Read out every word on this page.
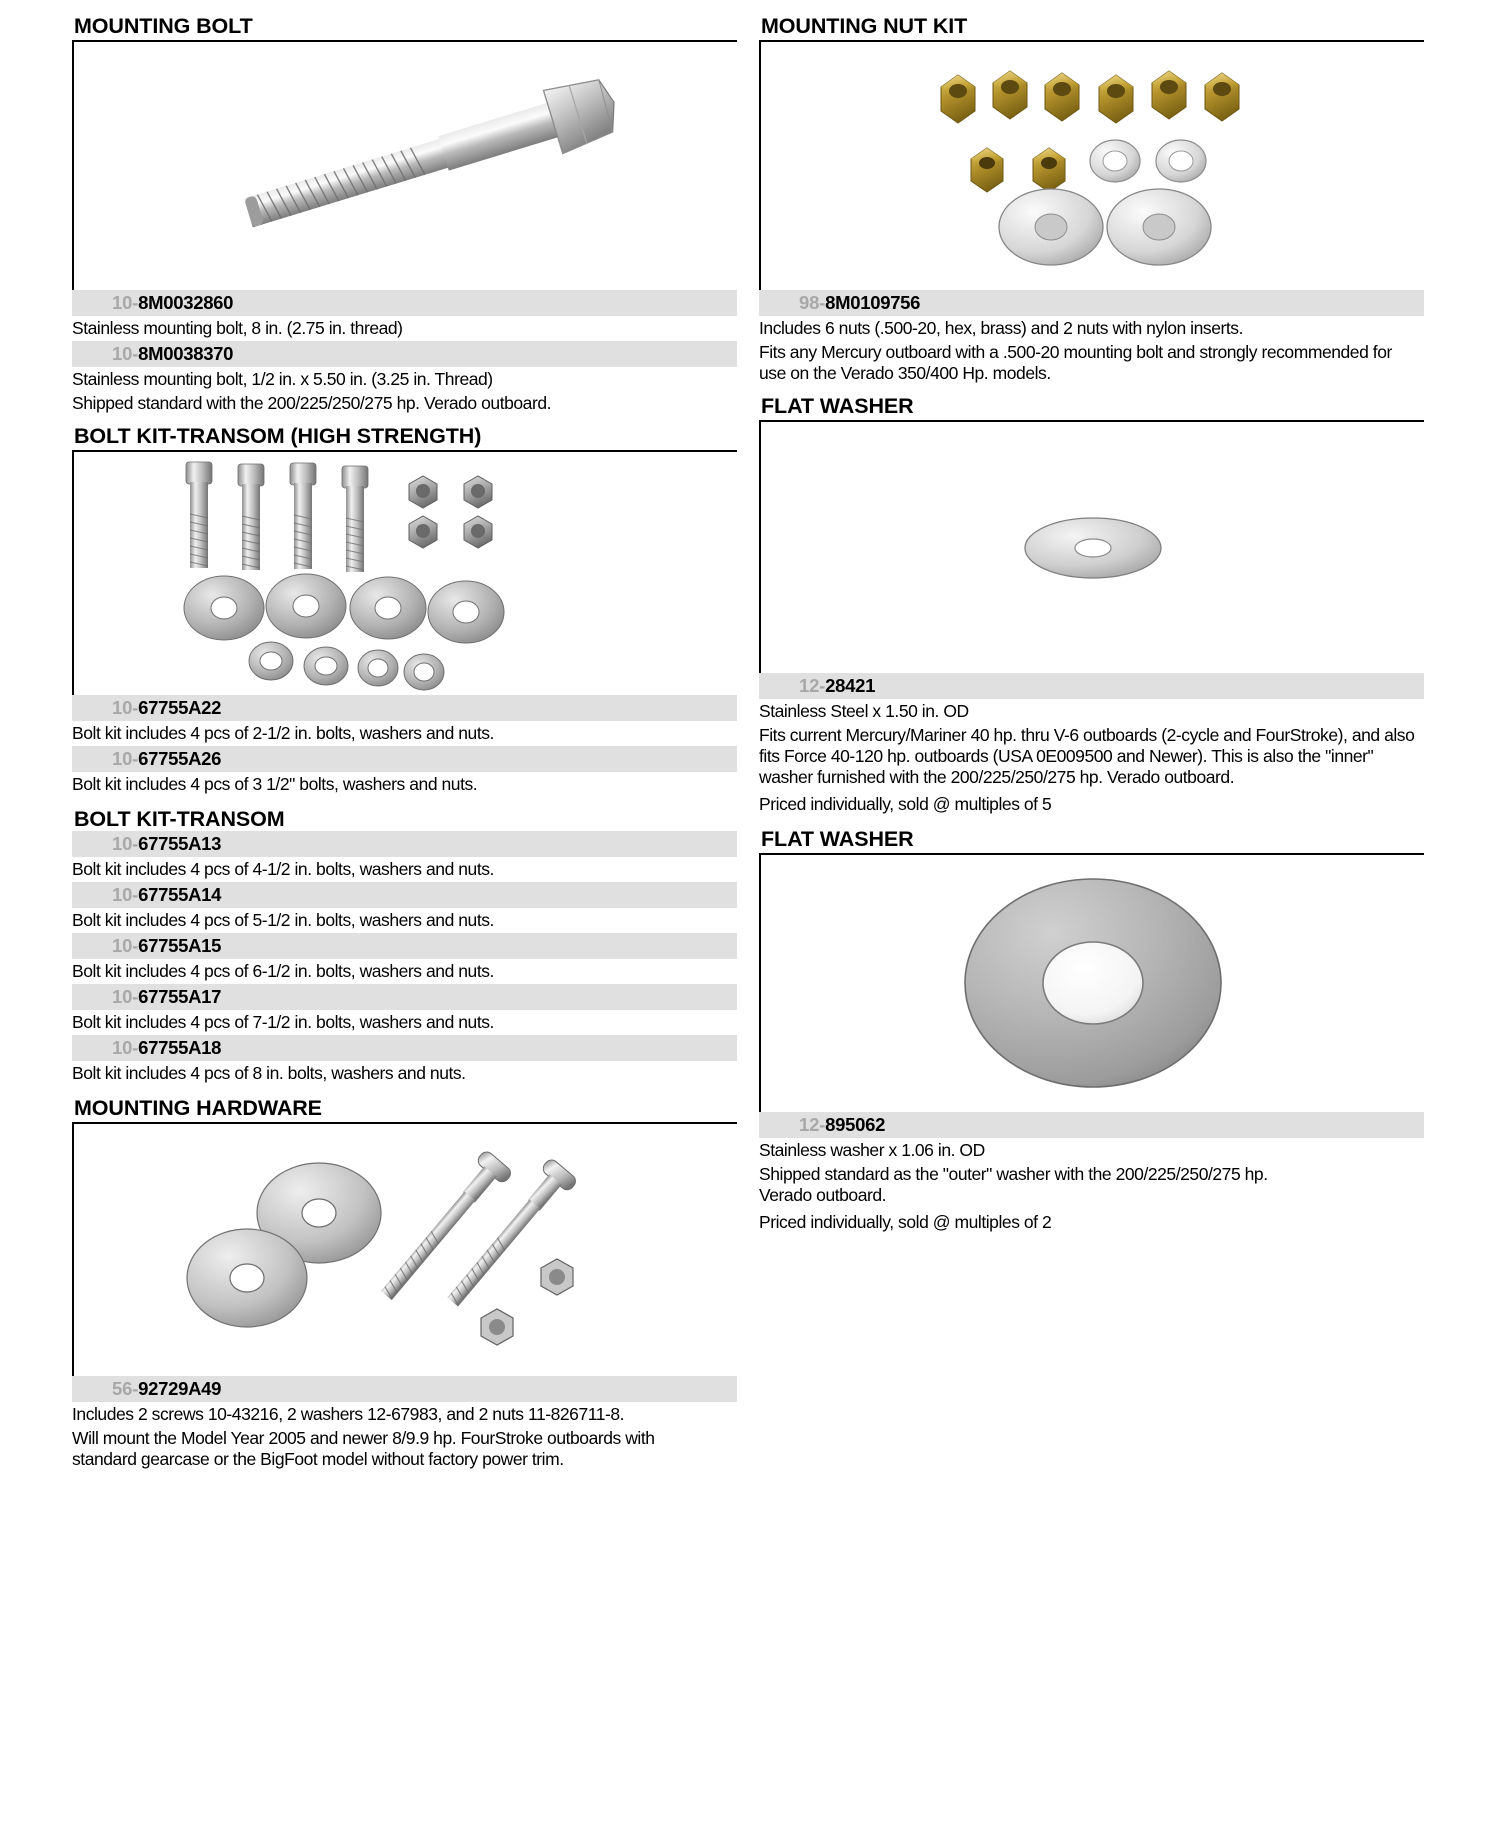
MOUNTING BOLT
10- 8M0032860
Stainless mounting bolt, 8 in. (2.75 in. thread)
10- 8M0038370
Stainless mounting bolt, 1/2 in. x 5.50 in. (3.25 in. Thread)
Shipped standard with the 200/225/250/275 hp. Verado outboard.
BOLT KIT-TRANSOM (HIGH STRENGTH)
10- 67755A22
Bolt kit includes 4 pcs of 2-1/2 in. bolts, washers and nuts.
10- 67755A26
Bolt kit includes 4 pcs of 3 1/2" bolts, washers and nuts.
BOLT KIT-TRANSOM
10- 67755A13
Bolt kit includes 4 pcs of 4-1/2 in. bolts, washers and nuts.
10- 67755A14
Bolt kit includes 4 pcs of 5-1/2 in. bolts, washers and nuts.
10- 67755A15
Bolt kit includes 4 pcs of 6-1/2 in. bolts, washers and nuts.
10- 67755A17
Bolt kit includes 4 pcs of 7-1/2 in. bolts, washers and nuts.
10- 67755A18
Bolt kit includes 4 pcs of 8 in. bolts, washers and nuts.
MOUNTING HARDWARE
56- 92729A49
Includes 2 screws 10-43216, 2 washers 12-67983, and 2 nuts 11-826711-8.
Will mount the Model Year 2005 and newer 8/9.9 hp. FourStroke outboards with standard gearcase or the BigFoot model without factory power trim.
MOUNTING NUT KIT
98- 8M0109756
Includes 6 nuts (.500-20, hex, brass) and 2 nuts with nylon inserts.
Fits any Mercury outboard with a .500-20 mounting bolt and strongly recommended for use on the Verado 350/400 Hp. models.
FLAT WASHER
12- 28421
Stainless Steel x 1.50 in. OD
Fits current Mercury/Mariner 40 hp. thru V-6 outboards (2-cycle and FourStroke), and also fits Force 40-120 hp. outboards (USA 0E009500 and Newer). This is also the "inner" washer furnished with the 200/225/250/275 hp. Verado outboard.
Priced individually, sold @ multiples of 5
FLAT WASHER
12- 895062
Stainless washer x 1.06 in. OD
Shipped standard as the "outer" washer with the 200/225/250/275 hp. Verado outboard.
Priced individually, sold @ multiples of 2
